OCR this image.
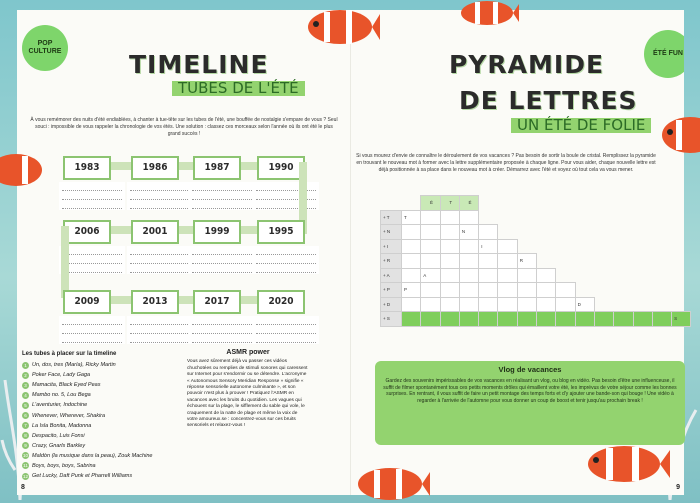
POP CULTURE	TIMELINE
TUBES DE L'ÉTÉ
À vous remémorer des nuits d'été endiablées, à chanter à tue-tête sur les tubes de l'été, une bouffée de nostalgie s'empare de vous ? Seul souci : impossible de vous rappeler la chronologie de vos étés. Une solution : classez ces morceaux selon l'année où ils ont été le plus grand succès !
1983	1986	1987	1990
2006	2001	1999	1995
2009	2013	2017	2020
Les tubes à placer sur la timeline
1 Un, dos, tres (María), Ricky Martin
2 Poker Face, Lady Gaga
3 Mamacita, Black Eyed Peas
4 Mambo no. 5, Lou Bega
5 L'aventurier, Indochine
6 Whenever, Wherever, Shakira
7 La Isla Bonita, Madonna
8 Despacito, Luis Fonsi
9 Crazy, Gnarls Barkley
10 Maldòn (la musique dans la peau), Zouk Machine
11 Boys, boys, boys, Sabrina
12 Get Lucky, Daft Punk et Pharrell Williams
ASMR power
Vous avez sûrement déjà vu passer ces vidéos chuchotées ou remplies de stimuli sonores qui caressent sur Internet pour s'endormir ou se détendre. L'acronyme « Autonomous Sensory Meridian Response » signifie « réponse sensorielle autonome culminante », et son pouvoir n'est plus à prouver ! Pratiquez l'ASMR en vacances avec les bruits du quotidien. Les vagues qui échouent sur la plage, le sifflement du sable qui vole, le craquement de la natte de plage et même la voix de votre amoureux.se : concentrez-vous sur ces bruits sensoriels et relaxez-vous !
8
ÉTÉ FUN
PYRAMIDE
DE LETTRES
UN ÉTÉ DE FOLIE
Si vous mourez d'envie de connaître le déroulement de vos vacances ? Pas besoin de sortir la boule de cristal. Remplissez la pyramide en trouvant le nouveau mot à former avec la lettre supplémentaire proposée à chaque ligne. Pour vous aider, chaque nouvelle lettre est déjà positionnée à sa place dans le nouveau mot à créer. Démarrez avec l'été et voyez où tout cela va vous mener.
9
		É	T	É											
+ T	T														
+ N				N											
+ I					I										
+ R							R								
+ A		A													
+ P	P														
+ D										D					
+ S															S
Vlog de vacances

Gardez des souvenirs impérissables de vos vacances en réalisant un vlog, ou blog en vidéo. Pas besoin d'être une influenceuse, il suffit de filmer spontanément tous ces petits moments drôles qui émaillent votre été, les imprévus de votre séjour comme les bonnes surprises. En rentrant, il vous suffit de faire un petit montage des temps forts et d'y ajouter une bande-son qui bouge ! Une vidéo à regarder à l'arrivée de l'automne pour vous donner un coup de boost et tenir jusqu'au prochain break !
